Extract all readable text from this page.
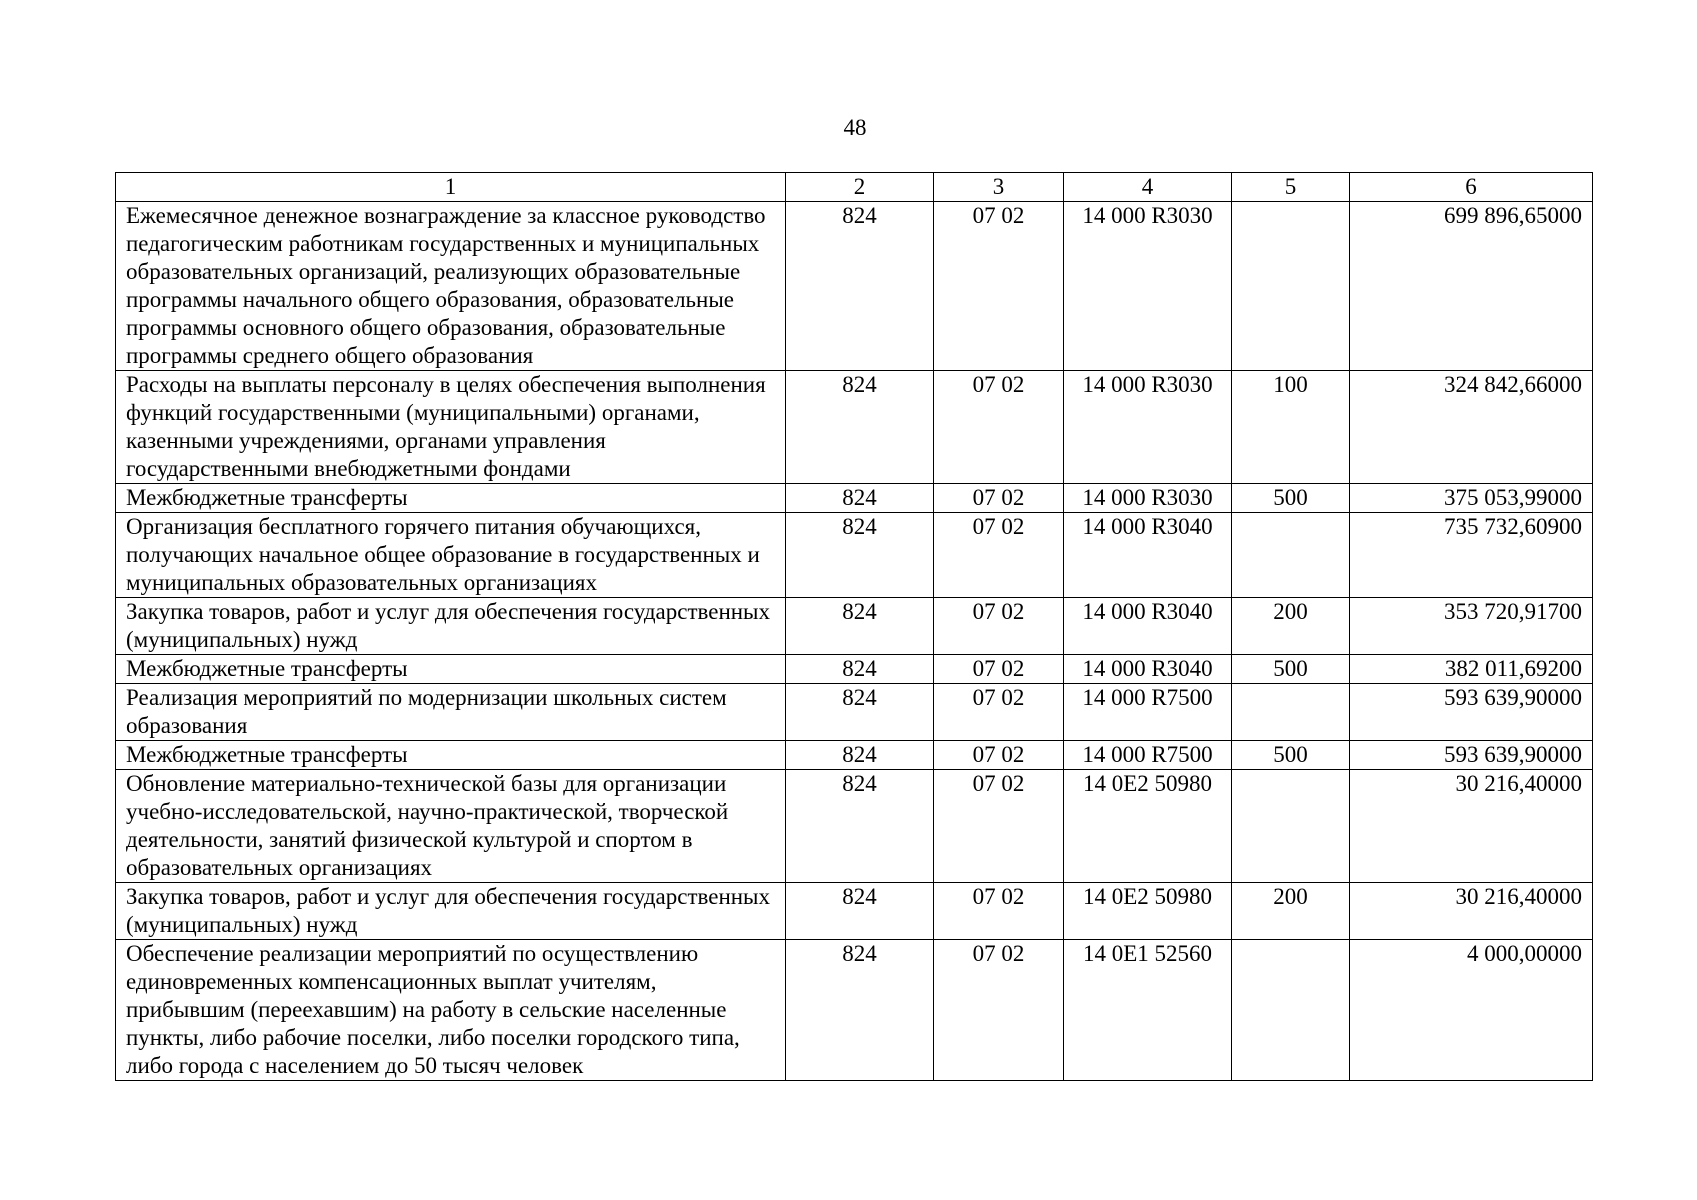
48
1	2	3	4	5	6
Ежемесячное денежное вознаграждение за классное руководство педагогическим работникам государственных и муниципальных образовательных организаций, реализующих образовательные программы начального общего образования, образовательные программы основного общего образования, образовательные программы среднего общего образования	824	07 02	14 000 R3030		699 896,65000
Расходы на выплаты персоналу в целях обеспечения выполнения функций государственными (муниципальными) органами, казенными учреждениями, органами управления государственными внебюджетными фондами	824	07 02	14 000 R3030	100	324 842,66000
Межбюджетные трансферты	824	07 02	14 000 R3030	500	375 053,99000
Организация бесплатного горячего питания обучающихся, получающих начальное общее образование в государственных и муниципальных образовательных организациях	824	07 02	14 000 R3040		735 732,60900
Закупка товаров, работ и услуг для обеспечения государственных (муниципальных) нужд	824	07 02	14 000 R3040	200	353 720,91700
Межбюджетные трансферты	824	07 02	14 000 R3040	500	382 011,69200
Реализация мероприятий по модернизации школьных систем образования	824	07 02	14 000 R7500		593 639,90000
Межбюджетные трансферты	824	07 02	14 000 R7500	500	593 639,90000
Обновление материально-технической базы для организации учебно-исследовательской, научно-практической, творческой деятельности, занятий физической культурой и спортом в образовательных организациях	824	07 02	14 0E2 50980		30 216,40000
Закупка товаров, работ и услуг для обеспечения государственных (муниципальных) нужд	824	07 02	14 0E2 50980	200	30 216,40000
Обеспечение реализации мероприятий по осуществлению единовременных компенсационных выплат учителям, прибывшим (переехавшим) на работу в сельские населенные пункты, либо рабочие поселки, либо поселки городского типа, либо города с населением до 50 тысяч человек	824	07 02	14 0E1 52560		4 000,00000
